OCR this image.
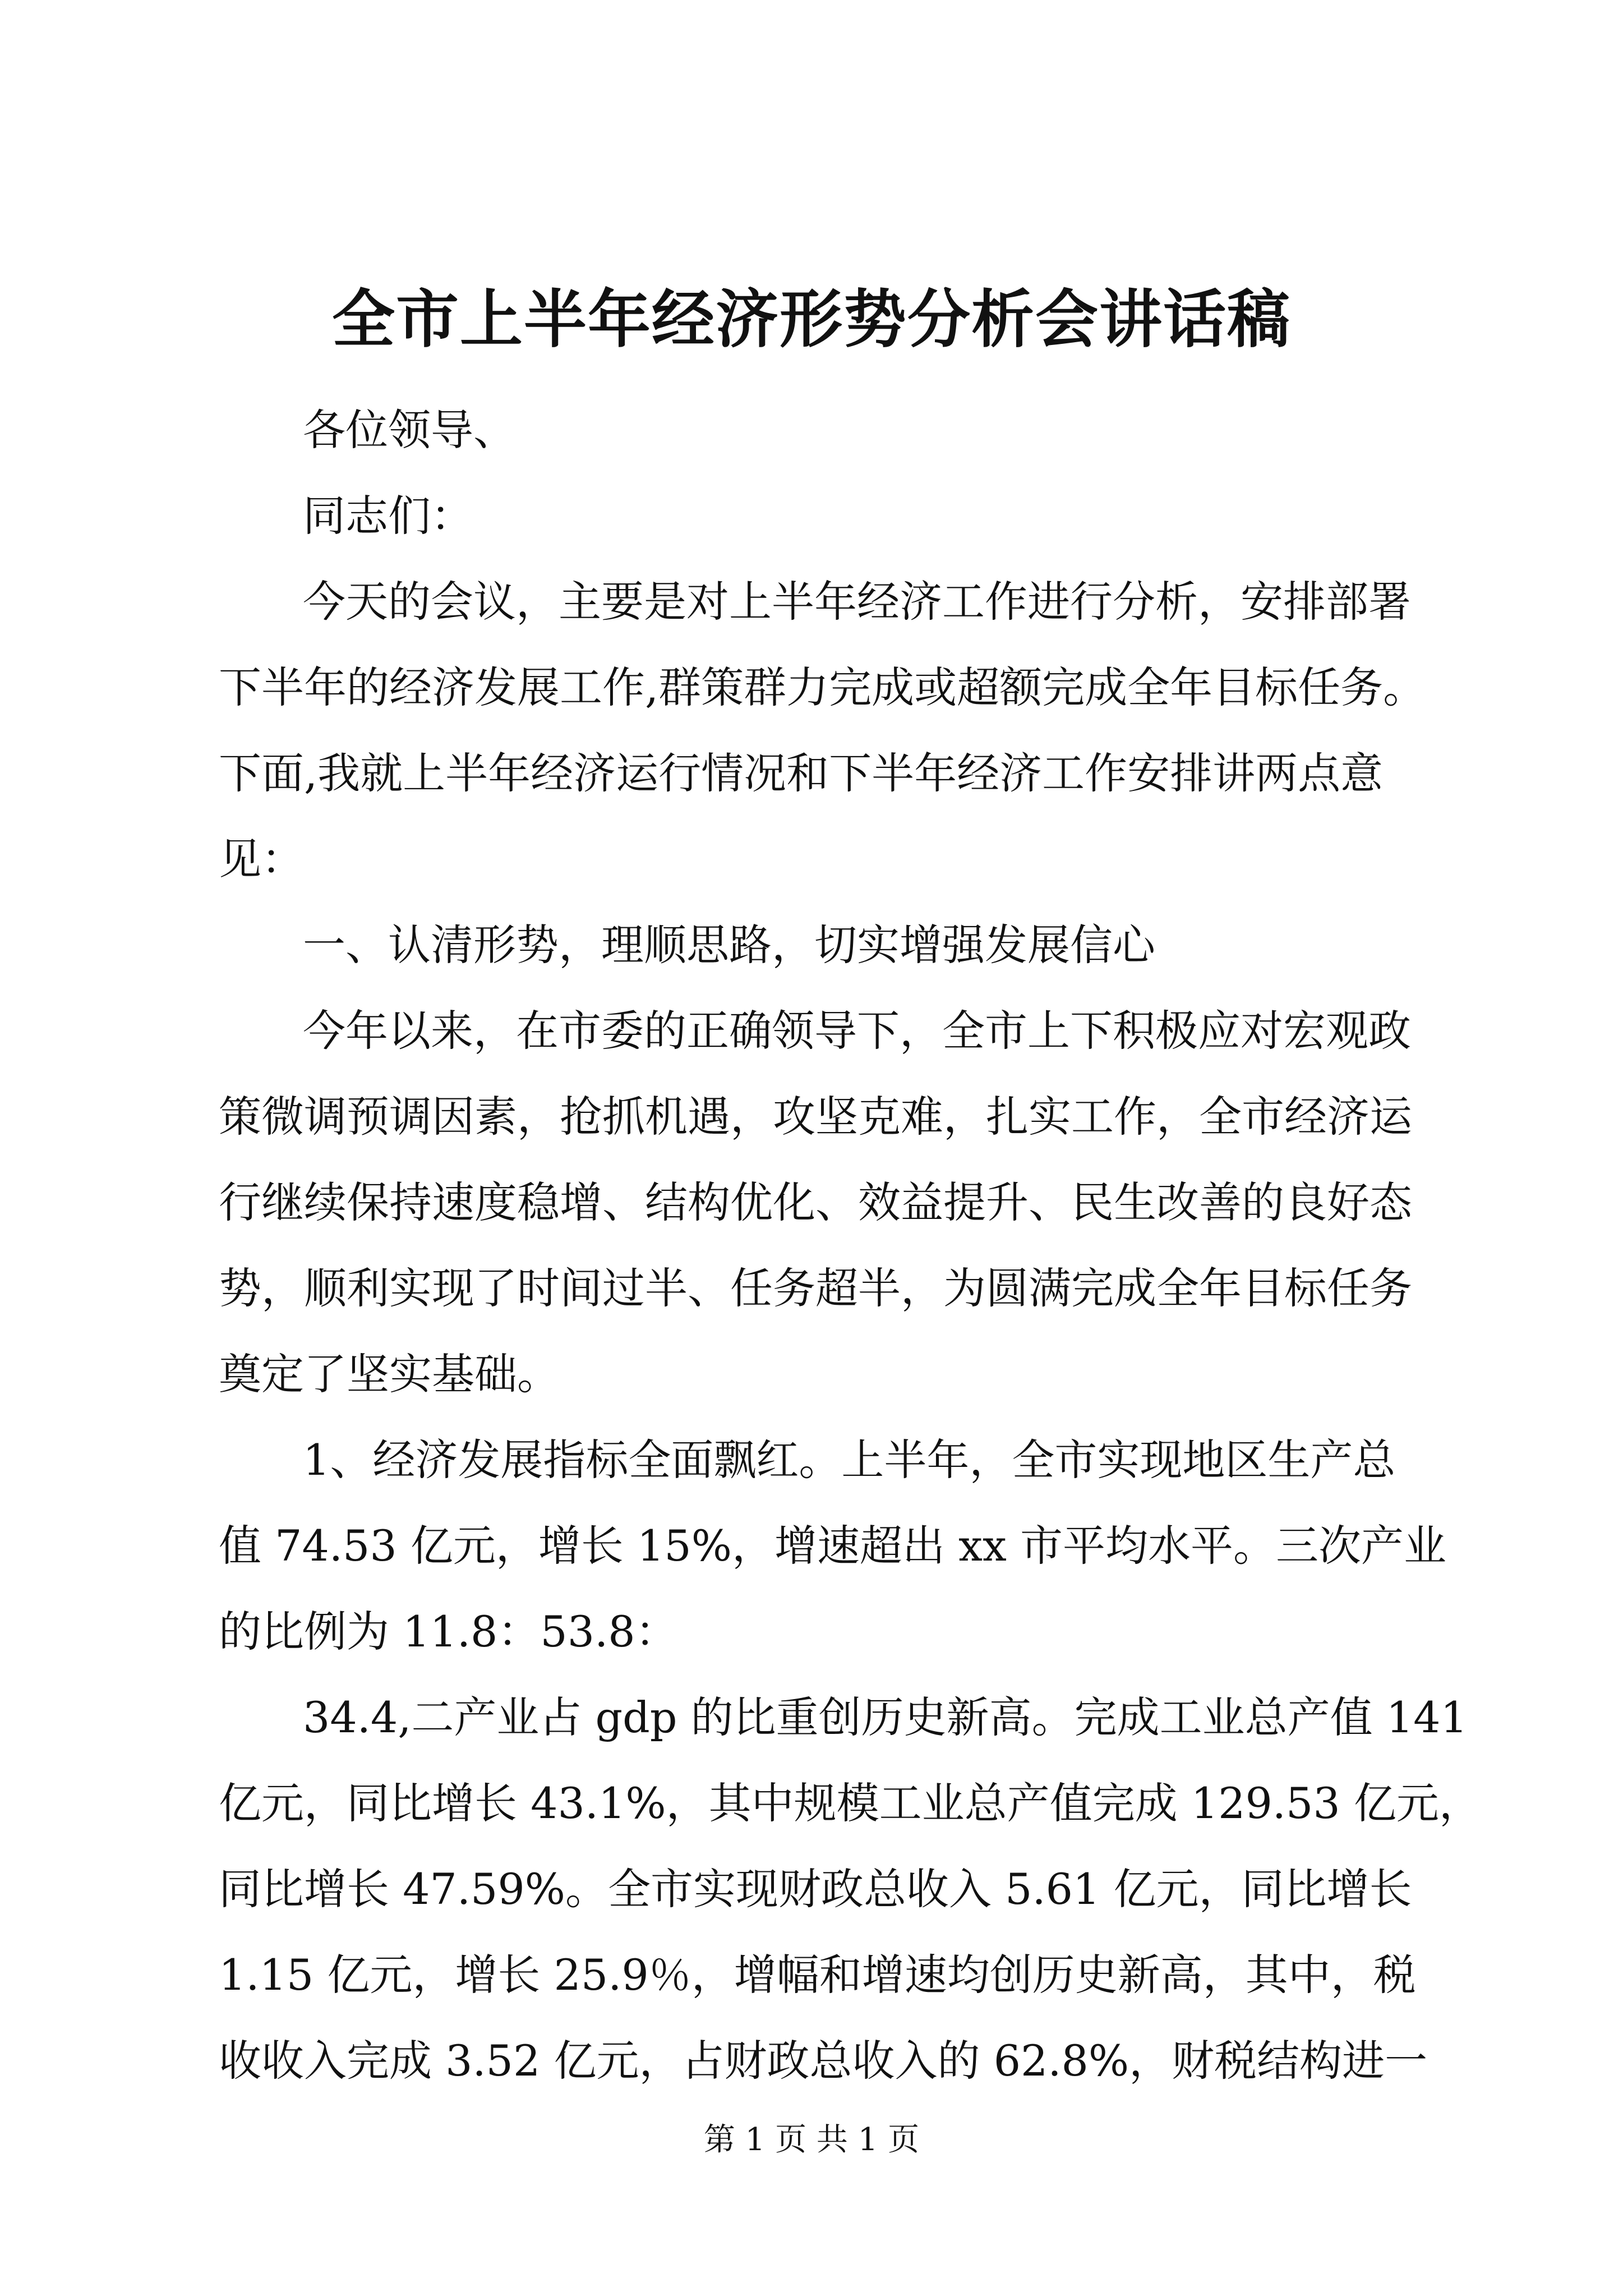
全市上半年经济形势分析会讲话稿
各位领导、
同志们：
今天的会议，主要是对上半年经济工作进行分析，安排部署
下半年的经济发展工作,群策群力完成或超额完成全年目标任务。
下面,我就上半年经济运行情况和下半年经济工作安排讲两点意
见：
一、认清形势，理顺思路，切实增强发展信心
今年以来，在市委的正确领导下，全市上下积极应对宏观政
策微调预调因素，抢抓机遇，攻坚克难，扎实工作，全市经济运
行继续保持速度稳增、结构优化、效益提升、民生改善的良好态
势，顺利实现了时间过半、任务超半，为圆满完成全年目标任务
奠定了坚实基础。
1、经济发展指标全面飘红。上半年，全市实现地区生产总
值 74.53 亿元，增长 15%，增速超出 xx 市平均水平。三次产业
的比例为 11.8：53.8：
34.4,二产业占 gdp 的比重创历史新高。完成工业总产值 141
亿元，同比增长 43.1%，其中规模工业总产值完成 129.53 亿元，
同比增长 47.59%。全市实现财政总收入 5.61 亿元，同比增长
1.15 亿元，增长 25.9％，增幅和增速均创历史新高，其中，税
收收入完成 3.52 亿元，占财政总收入的 62.8%，财税结构进一
第 1 页 共 1 页
